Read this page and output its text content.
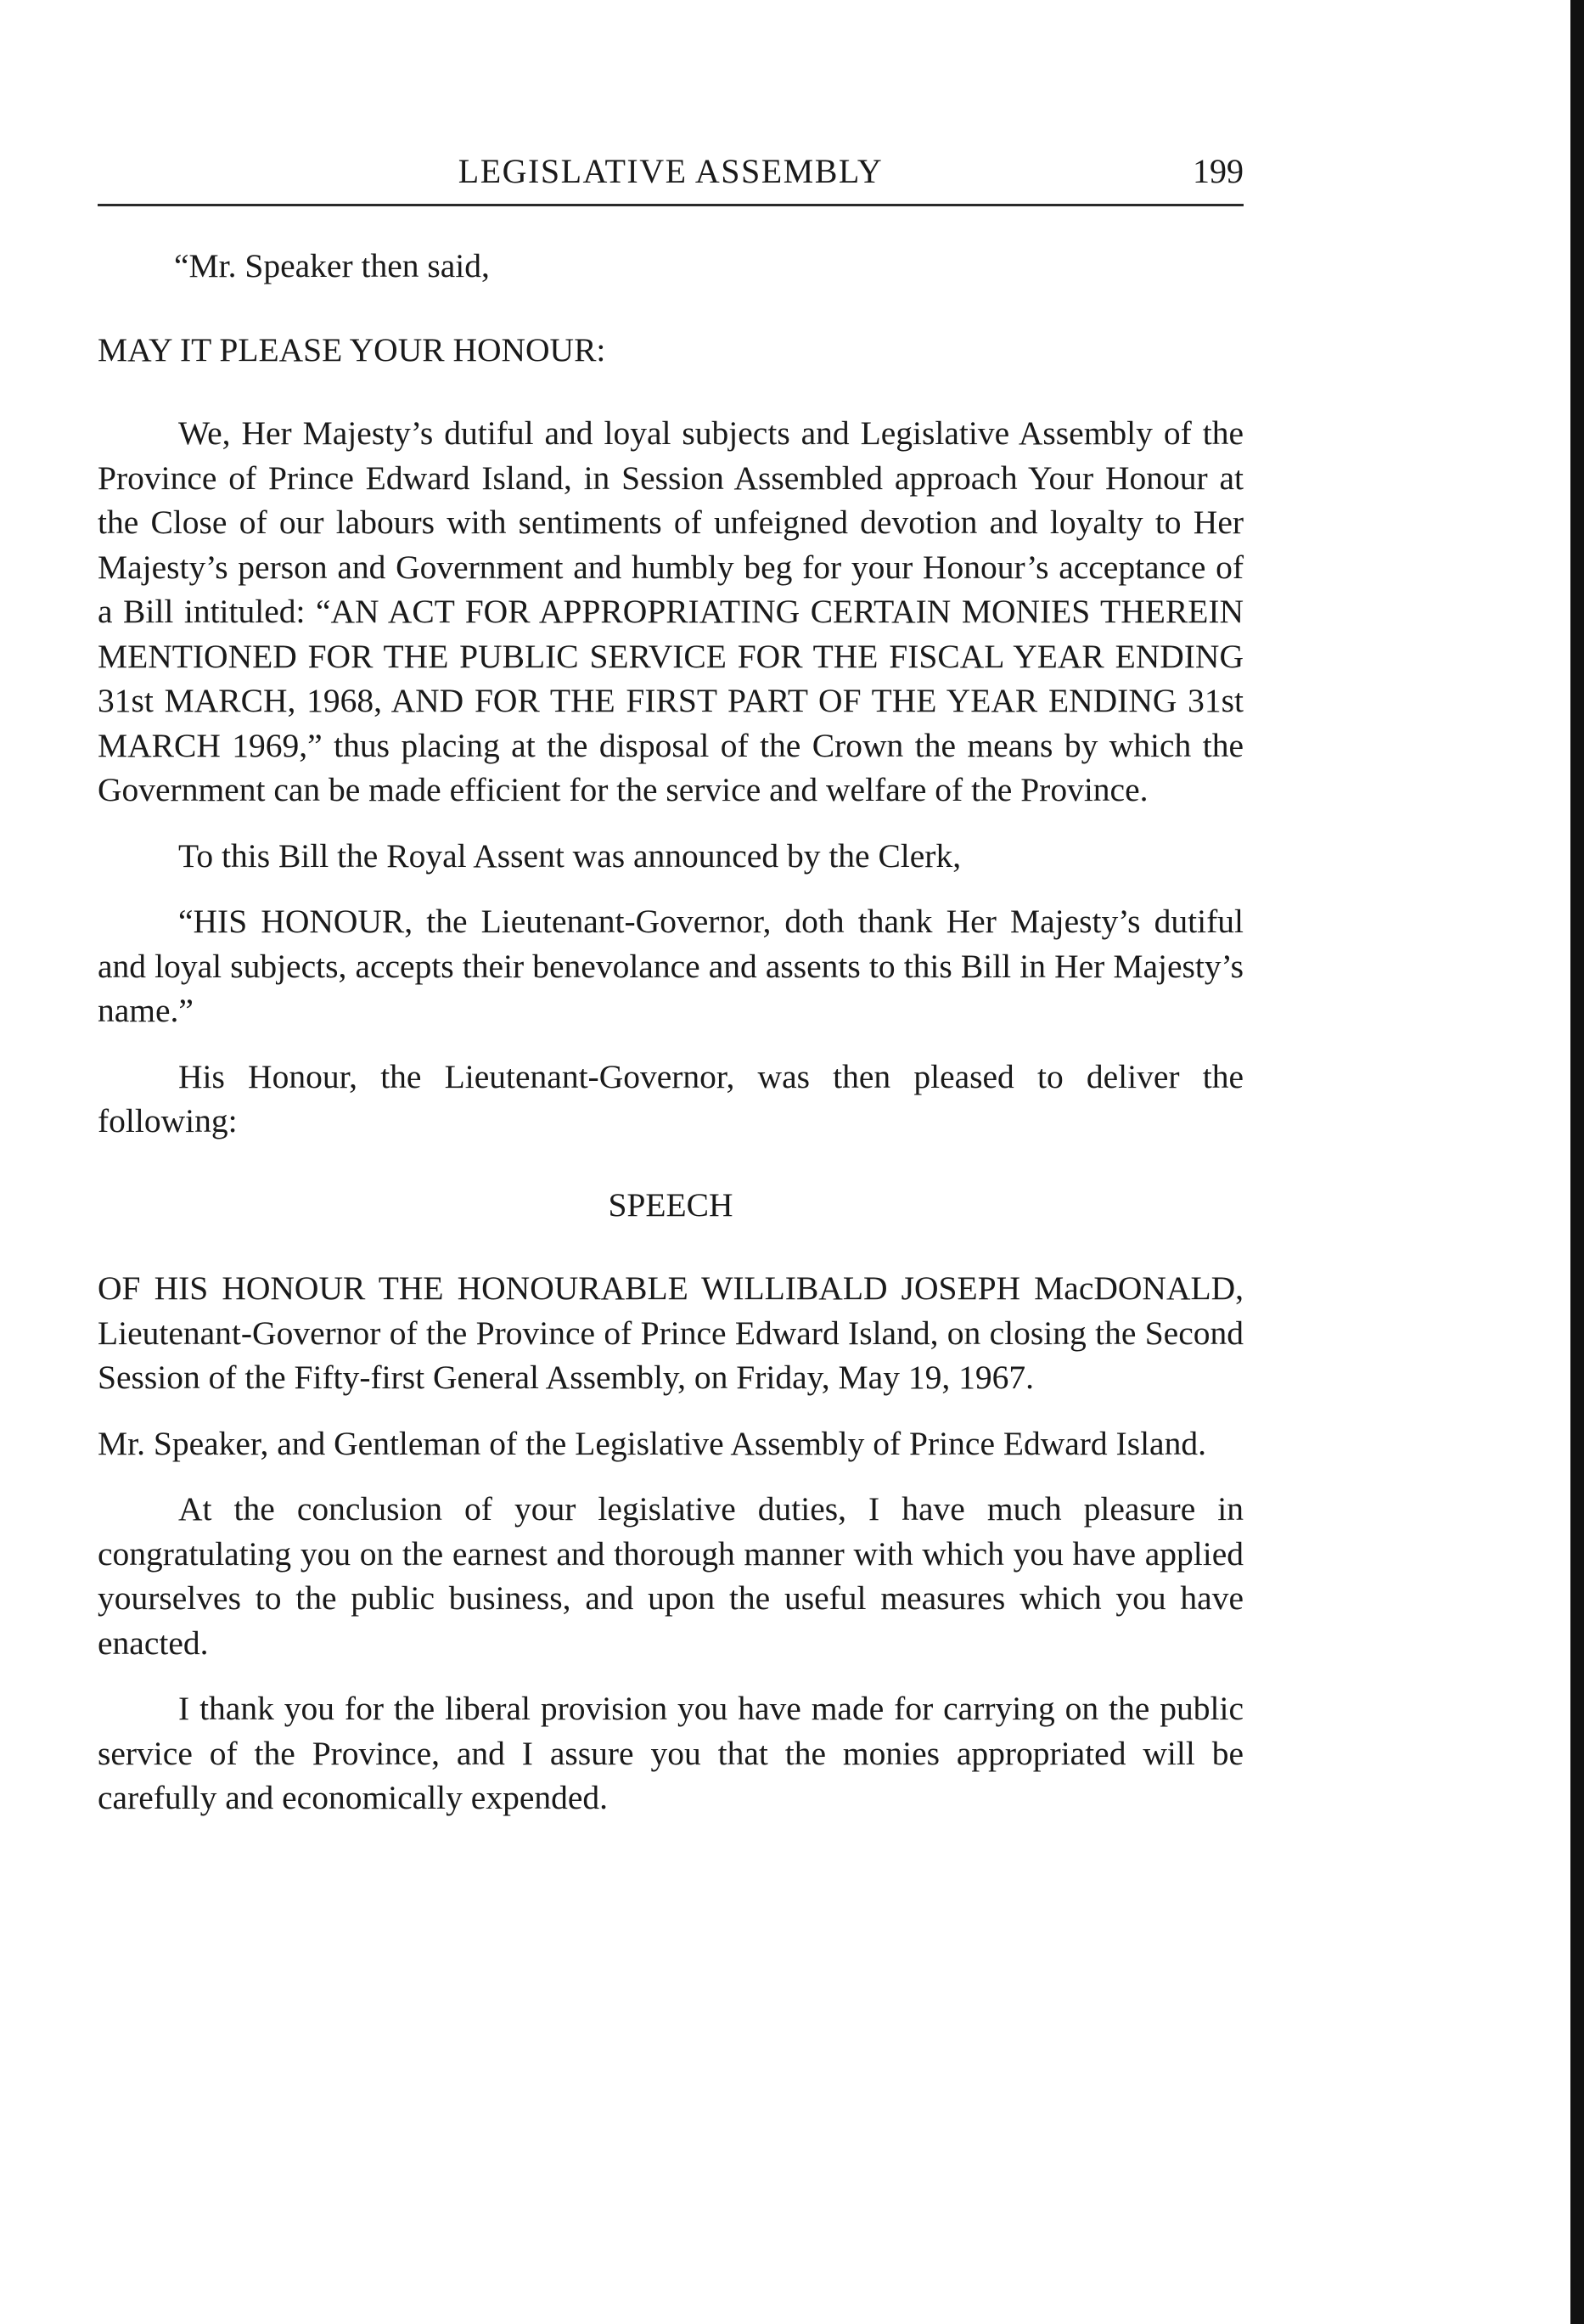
LEGISLATIVE ASSEMBLY	199

“Mr. Speaker then said,

MAY IT PLEASE YOUR HONOUR:

We, Her Majesty’s dutiful and loyal subjects and Legislative Assembly of the Province of Prince Edward Island, in Session Assembled approach Your Honour at the Close of our labours with sentiments of unfeigned devotion and loyalty to Her Majesty’s person and Government and humbly beg for your Honour’s acceptance of a Bill intituled: “AN ACT FOR APPROPRIATING CERTAIN MONIES THEREIN MENTIONED FOR THE PUBLIC SERVICE FOR THE FISCAL YEAR ENDING 31st MARCH, 1968, AND FOR THE FIRST PART OF THE YEAR ENDING 31st MARCH 1969,” thus placing at the disposal of the Crown the means by which the Government can be made efficient for the service and welfare of the Province.

To this Bill the Royal Assent was announced by the Clerk,

“HIS HONOUR, the Lieutenant-Governor, doth thank Her Majesty’s dutiful and loyal subjects, accepts their benevolance and assents to this Bill in Her Majesty’s name.”

His Honour, the Lieutenant-Governor, was then pleased to deliver the following:

SPEECH

OF HIS HONOUR THE HONOURABLE WILLIBALD JOSEPH MacDONALD, Lieutenant-Governor of the Province of Prince Edward Island, on closing the Second Session of the Fifty-first General Assembly, on Friday, May 19, 1967.

Mr. Speaker, and Gentleman of the Legislative Assembly of Prince Edward Island.

At the conclusion of your legislative duties, I have much pleasure in congratulating you on the earnest and thorough manner with which you have applied yourselves to the public business, and upon the useful measures which you have enacted.

I thank you for the liberal provision you have made for carrying on the public service of the Province, and I assure you that the monies appropriated will be carefully and economically expended.
